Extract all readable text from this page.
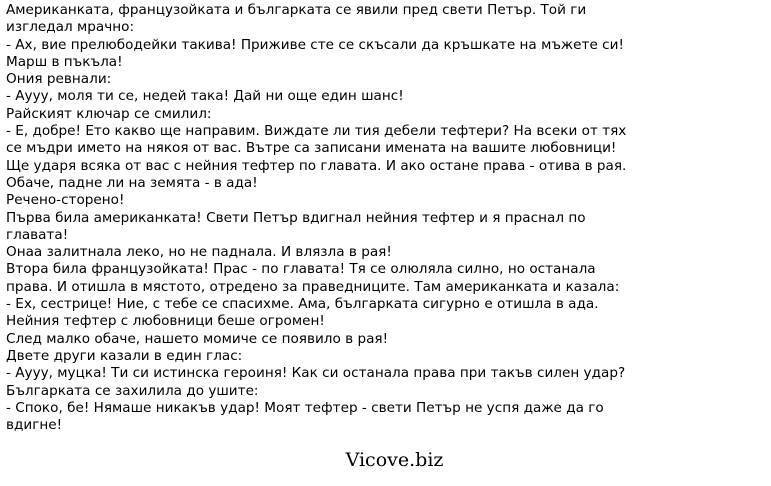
Американката, французойката и българката се явили пред свети Петър. Той ги
изгледал мрачно:
- Ах, вие прелюбодейки такива! Приживе сте се скъсали да кръшкате на мъжете си!
Марш в пъкъла!
Ония ревнали:
- Аууу, моля ти се, недей така! Дай ни още един шанс!
Райският ключар се смилил:
- Е, добре! Ето какво ще направим. Виждате ли тия дебели тефтери? На всеки от тях
се мъдри името на някоя от вас. Вътре са записани имената на вашите любовници!
Ще ударя всяка от вас с нейния тефтер по главата. И ако остане права - отива в рая.
Обаче, падне ли на земята - в ада!
Речено-сторено!
Първа била американката! Свети Петър вдигнал нейния тефтер и я праснал по
главата!
Онаа залитнала леко, но не паднала. И влязла в рая!
Втора била французойката! Прас - по главата! Тя се олюляла силно, но останала
права. И отишла в мястото, отредено за праведниците. Там американката и казала:
- Ех, сестрице! Ние, с тебе се спасихме. Ама, българката сигурно е отишла в ада.
Нейния тефтер с любовници беше огромен!
След малко обаче, нашето момиче се появило в рая!
Двете други казали в един глас:
- Аууу, муцка! Ти си истинска героиня! Как си останала права при такъв силен удар?
Българката се захилила до ушите:
- Споко, бе! Нямаше никакъв удар! Моят тефтер - свети Петър не успя даже да го
вдигне!
Vicove.biz
